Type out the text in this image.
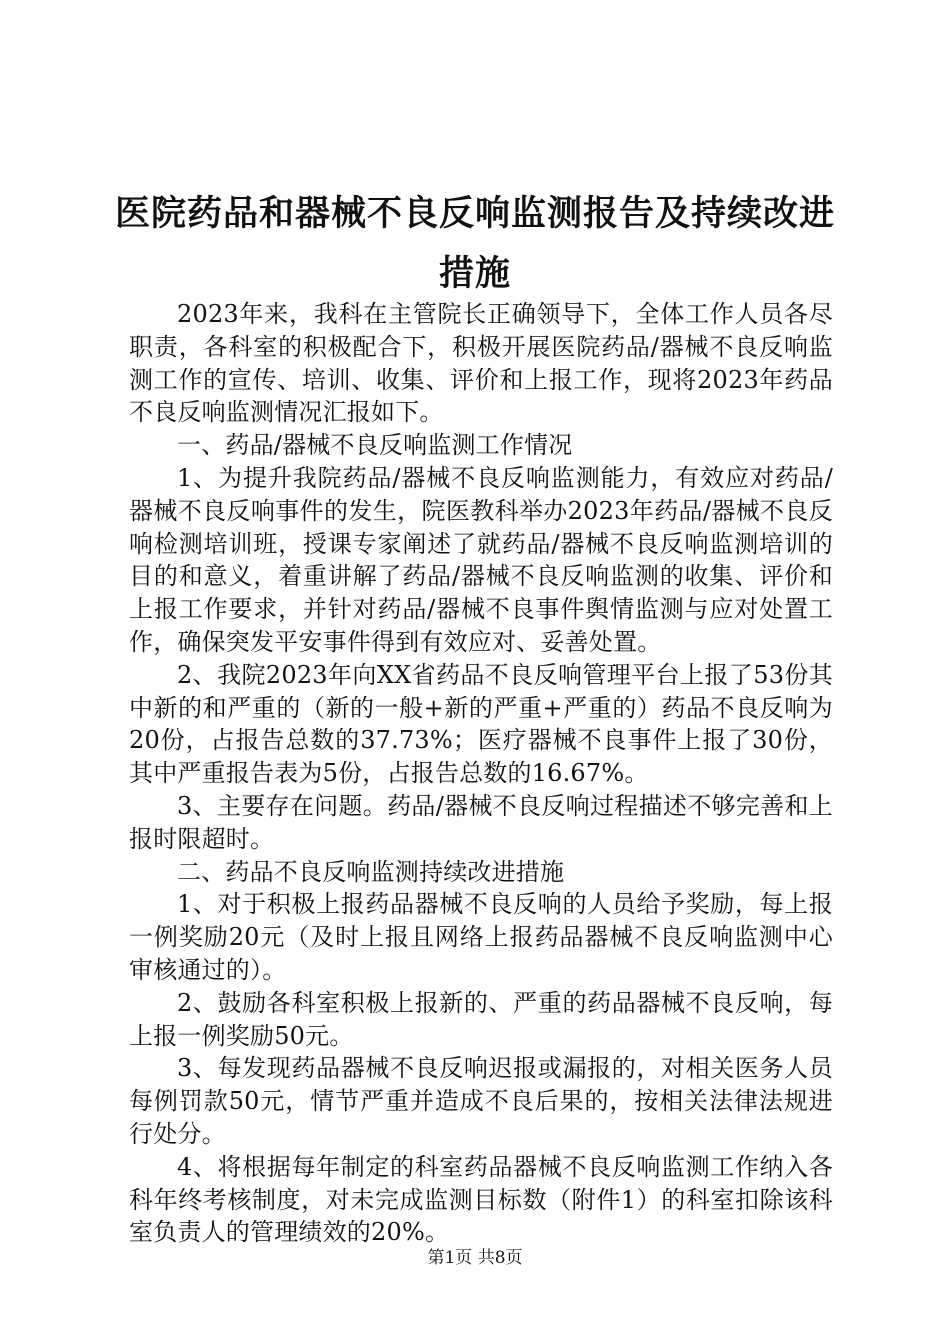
医院药品和器械不良反响监测报告及持续改进
措施

2023年来，我科在主管院长正确领导下，全体工作人员各尽职责，各科室的积极配合下，积极开展医院药品/器械不良反响监测工作的宣传、培训、收集、评价和上报工作，现将2023年药品不良反响监测情况汇报如下。

一、药品/器械不良反响监测工作情况

1、为提升我院药品/器械不良反响监测能力，有效应对药品/器械不良反响事件的发生，院医教科举办2023年药品/器械不良反响检测培训班，授课专家阐述了就药品/器械不良反响监测培训的目的和意义，着重讲解了药品/器械不良反响监测的收集、评价和上报工作要求，并针对药品/器械不良事件舆情监测与应对处置工作，确保突发平安事件得到有效应对、妥善处置。

2、我院2023年向XX省药品不良反响管理平台上报了53份其中新的和严重的（新的一般+新的严重+严重的）药品不良反响为20份，占报告总数的37.73%；医疗器械不良事件上报了30份，其中严重报告表为5份，占报告总数的16.67%。

3、主要存在问题。药品/器械不良反响过程描述不够完善和上报时限超时。

二、药品不良反响监测持续改进措施

1、对于积极上报药品器械不良反响的人员给予奖励，每上报一例奖励20元（及时上报且网络上报药品器械不良反响监测中心审核通过的）。

2、鼓励各科室积极上报新的、严重的药品器械不良反响，每上报一例奖励50元。

3、每发现药品器械不良反响迟报或漏报的，对相关医务人员每例罚款50元，情节严重并造成不良后果的，按相关法律法规进行处分。

4、将根据每年制定的科室药品器械不良反响监测工作纳入各科年终考核制度，对未完成监测目标数（附件1）的科室扣除该科室负责人的管理绩效的20%。

第1页 共8页
